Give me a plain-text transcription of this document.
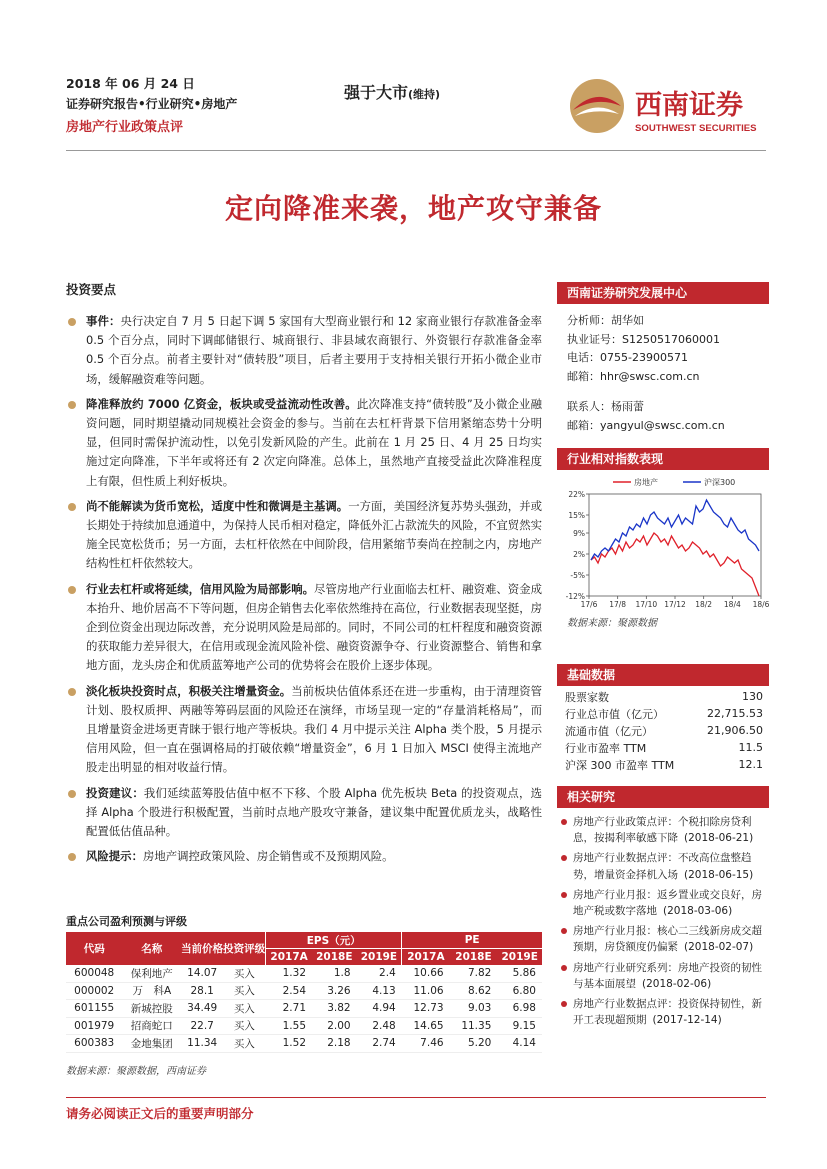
2018 年 06 月 24 日
证券研究报告•行业研究•房地产
房地产行业政策点评
强于大市(维持)	西南证券
SOUTHWEST SECURITIES
定向降准来袭，地产攻守兼备
投资要点
事件：央行决定自 7 月 5 日起下调 5 家国有大型商业银行和 12 家商业银行存款准备金率 0.5 个百分点，同时下调邮储银行、城商银行、非县域农商银行、外资银行存款准备金率 0.5 个百分点。前者主要针对“债转股”项目，后者主要用于支持相关银行开拓小微企业市场，缓解融资难等问题。
降准释放约 7000 亿资金，板块或受益流动性改善。此次降准支持“债转股”及小微企业融资问题，同时期望撬动同规模社会资金的参与。当前在去杠杆背景下信用紧缩态势十分明显，但同时需保护流动性，以免引发新风险的产生。此前在 1 月 25 日、4 月 25 日均实施过定向降准，下半年或将还有 2 次定向降准。总体上，虽然地产直接受益此次降准程度上有限，但性质上利好板块。
尚不能解读为货币宽松，适度中性和微调是主基调。一方面，美国经济复苏势头强劲，并或长期处于持续加息通道中，为保持人民币相对稳定，降低外汇占款流失的风险，不宜贸然实施全民宽松货币；另一方面，去杠杆依然在中间阶段，信用紧缩节奏尚在控制之内，房地产结构性杠杆依然较大。
行业去杠杆或将延续，信用风险为局部影响。尽管房地产行业面临去杠杆、融资难、资金成本抬升、地价居高不下等问题，但房企销售去化率依然维持在高位，行业数据表现坚挺，房企到位资金出现边际改善，充分说明风险是局部的。同时，不同公司的杠杆程度和融资资源的获取能力差异很大，在信用或现金流风险补偿、融资资源争夺、行业资源整合、销售和拿地方面，龙头房企和优质蓝筹地产公司的优势将会在股价上逐步体现。
淡化板块投资时点，积极关注增量资金。当前板块估值体系还在进一步重构，由于清理资管计划、股权质押、两融等筹码层面的风险还在演绎，市场呈现一定的“存量消耗格局”，而且增量资金进场更青睐于银行地产等板块。我们 4 月中提示关注 Alpha 类个股，5 月提示信用风险，但一直在强调格局的打破依赖“增量资金”，6 月 1 日加入 MSCI 使得主流地产股走出明显的相对收益行情。
投资建议：我们延续蓝筹股估值中枢不下移、个股 Alpha 优先板块 Beta 的投资观点，选择 Alpha 个股进行积极配置，当前时点地产股攻守兼备，建议集中配置优质龙头，战略性配置低估值品种。
风险提示：房地产调控政策风险、房企销售或不及预期风险。
重点公司盈利预测与评级
代码	名称	当前价格	投资评级	EPS（元）			PE		
				2017A	2018E	2019E	2017A	2018E	2019E
600048	保利地产	14.07	买入	1.32	1.8	2.4	10.66	7.82	5.86
000002	万　科A	28.1	买入	2.54	3.26	4.13	11.06	8.62	6.80
601155	新城控股	34.49	买入	2.71	3.82	4.94	12.73	9.03	6.98
001979	招商蛇口	22.7	买入	1.55	2.00	2.48	14.65	11.35	9.15
600383	金地集团	11.34	买入	1.52	2.18	2.74	7.46	5.20	4.14
数据来源：聚源数据，西南证券
西南证券研究发展中心
分析师：胡华如
执业证号：S1250517060001
电话：0755-23900571
邮箱：hhr@swsc.com.cn
联系人：杨雨蕾
邮箱：yangyul@swsc.com.cn
行业相对指数表现
22%
15%
9%
2%
-5%
-12%
17/6 17/8 17/10 17/12 18/2 18/4 18/6
房地产	沪深300
数据来源：聚源数据
基础数据
股票家数	130
行业总市值（亿元）	22,715.53
流通市值（亿元）	21,906.50
行业市盈率 TTM	11.5
沪深 300 市盈率 TTM	12.1
相关研究
房地产行业政策点评：个税扣除房贷利息，按揭利率敏感下降 (2018-06-21)
房地产行业数据点评：不改高位盘整趋势，增量资金择机入场 (2018-06-15)
房地产行业月报：返乡置业或交良好，房地产税或数字落地 (2018-03-06)
房地产行业月报：核心二三线新房成交超预期，房贷额度仍偏紧 (2018-02-07)
房地产行业研究系列：房地产投资的韧性与基本面展望 (2018-02-06)
房地产行业数据点评：投资保持韧性，新开工表现超预期 (2017-12-14)
请务必阅读正文后的重要声明部分
